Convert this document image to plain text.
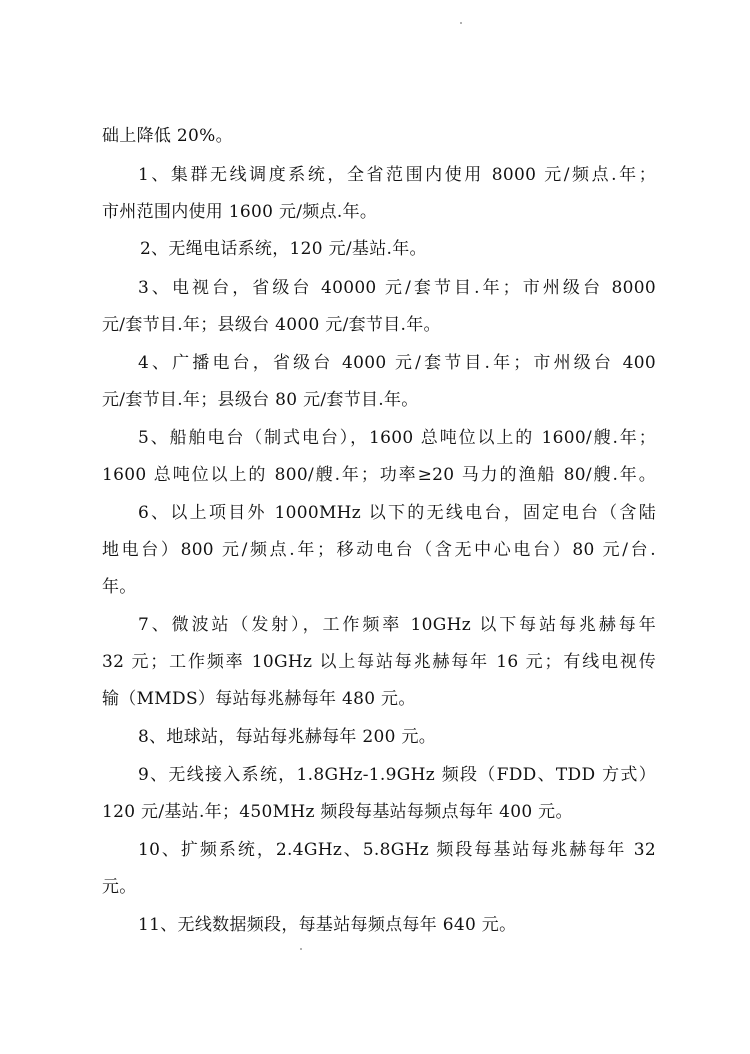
础上降低 20%。
1、集群无线调度系统，全省范围内使用 8000 元/频点.年；
市州范围内使用 1600 元/频点.年。
2、无绳电话系统，120 元/基站.年。
3、电视台，省级台 40000 元/套节目.年；市州级台 8000
元/套节目.年；县级台 4000 元/套节目.年。
4、广播电台，省级台 4000 元/套节目.年；市州级台 400
元/套节目.年；县级台 80 元/套节目.年。
5、船舶电台（制式电台），1600 总吨位以上的 1600/艘.年；
1600 总吨位以上的 800/艘.年；功率≥20 马力的渔船 80/艘.年。
6、以上项目外 1000MHz 以下的无线电台，固定电台（含陆
地电台）800 元/频点.年；移动电台（含无中心电台）80 元/台.
年。
7、微波站（发射），工作频率 10GHz 以下每站每兆赫每年
32 元；工作频率 10GHz 以上每站每兆赫每年 16 元；有线电视传
输（MMDS）每站每兆赫每年 480 元。
8、地球站，每站每兆赫每年 200 元。
9、无线接入系统，1.8GHz-1.9GHz 频段（FDD、TDD 方式）
120 元/基站.年；450MHz 频段每基站每频点每年 400 元。
10、扩频系统，2.4GHz、5.8GHz 频段每基站每兆赫每年 32
元。
11、无线数据频段，每基站每频点每年 640 元。
